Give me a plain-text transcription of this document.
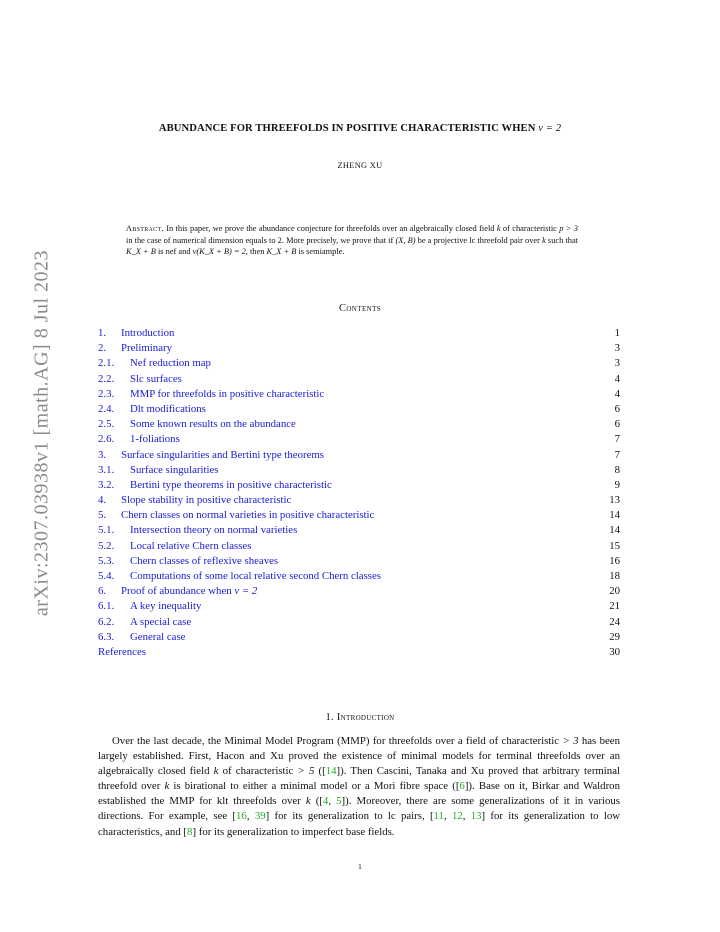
arXiv:2307.03938v1 [math.AG] 8 Jul 2023
ABUNDANCE FOR THREEFOLDS IN POSITIVE CHARACTERISTIC WHEN ν = 2
ZHENG XU
Abstract. In this paper, we prove the abundance conjecture for threefolds over an algebraically closed field k of characteristic p > 3 in the case of numerical dimension equals to 2. More precisely, we prove that if (X, B) be a projective lc threefold pair over k such that K_X + B is nef and ν(K_X + B) = 2, then K_X + B is semiample.
Contents
1. Introduction	1
2. Preliminary	3
2.1. Nef reduction map	3
2.2. Slc surfaces	4
2.3. MMP for threefolds in positive characteristic	4
2.4. Dlt modifications	6
2.5. Some known results on the abundance	6
2.6. 1-foliations	7
3. Surface singularities and Bertini type theorems	7
3.1. Surface singularities	8
3.2. Bertini type theorems in positive characteristic	9
4. Slope stability in positive characteristic	13
5. Chern classes on normal varieties in positive characteristic	14
5.1. Intersection theory on normal varieties	14
5.2. Local relative Chern classes	15
5.3. Chern classes of reflexive sheaves	16
5.4. Computations of some local relative second Chern classes	18
6. Proof of abundance when ν = 2	20
6.1. A key inequality	21
6.2. A special case	24
6.3. General case	29
References	30
1. Introduction

Over the last decade, the Minimal Model Program (MMP) for threefolds over a field of characteristic > 3 has been largely established. First, Hacon and Xu proved the existence of minimal models for terminal threefolds over an algebraically closed field k of characteristic > 5 ([14]). Then Cascini, Tanaka and Xu proved that arbitrary terminal threefold over k is birational to either a minimal model or a Mori fibre space ([6]). Base on it, Birkar and Waldron established the MMP for klt threefolds over k ([4, 5]). Moreover, there are some generalizations of it in various directions. For example, see [16, 39] for its generalization to lc pairs, [11, 12, 13] for its generalization to low characteristics, and [8] for its generalization to imperfect base fields.

1
